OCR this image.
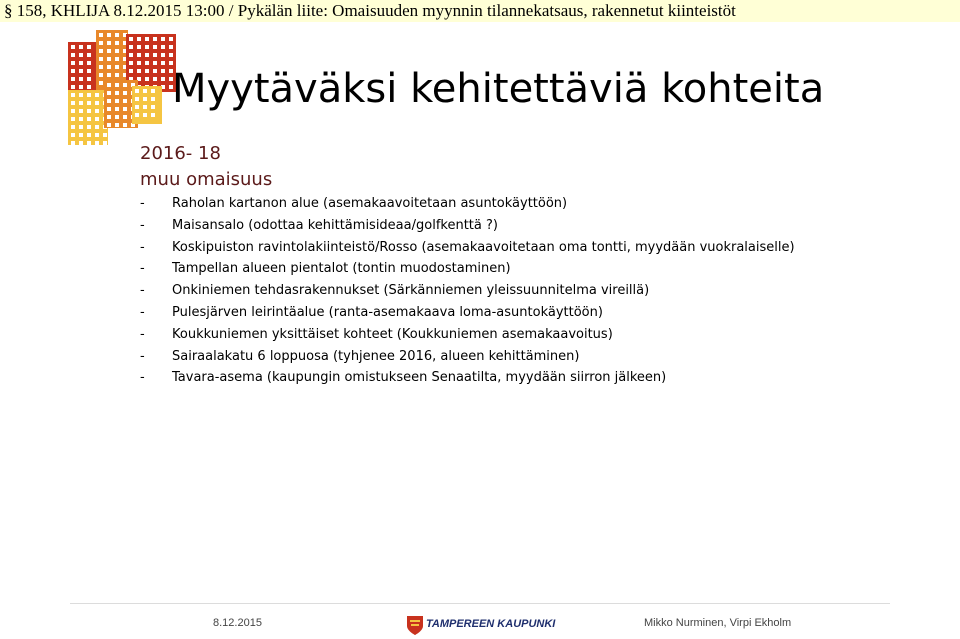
§ 158, KHLIJA 8.12.2015 13:00 / Pykälän liite: Omaisuuden myynnin tilannekatsaus, rakennetut kiinteistöt
Myytäväksi kehitettäviä kohteita
2016- 18
muu omaisuus
- Raholan kartanon alue (asemakaavoitetaan asuntokäyttöön)
- Maisansalo (odottaa kehittämisideaa/golfkenttä ?)
- Koskipuiston ravintolakiinteistö/Rosso (asemakaavoitetaan oma tontti, myydään vuokralaiselle)
- Tampellan alueen pientalot (tontin muodostaminen)
- Onkiniemen tehdasrakennukset (Särkänniemen yleissuunnitelma vireillä)
- Pulesjärven leirintäalue (ranta-asemakaava loma-asuntokäyttöön)
- Koukkuniemen yksittäiset kohteet (Koukkuniemen asemakaavoitus)
- Sairaalakatu 6 loppuosa (tyhjenee 2016, alueen kehittäminen)
- Tavara-asema (kaupungin omistukseen Senaatilta, myydään siirron jälkeen)
8.12.2015	TAMPEREEN KAUPUNKI	Mikko Nurminen, Virpi Ekholm
